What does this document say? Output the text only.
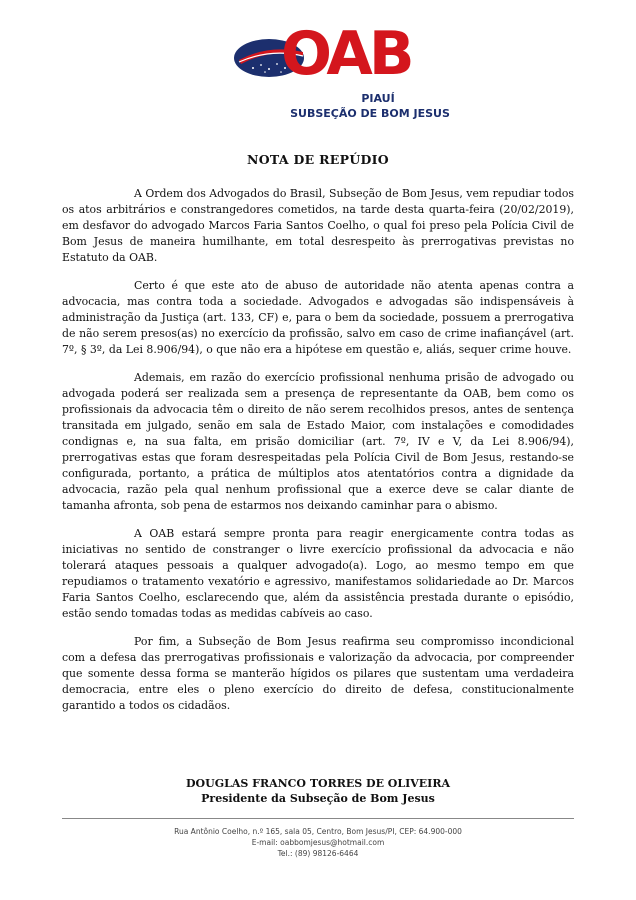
OAB
PIAUÍ
SUBSEÇÃO DE BOM JESUS
NOTA DE REPÚDIO

A Ordem dos Advogados do Brasil, Subseção de Bom Jesus, vem repudiar todos os atos arbitrários e constrangedores cometidos, na tarde desta quarta-feira (20/02/2019), em desfavor do advogado Marcos Faria Santos Coelho, o qual foi preso pela Polícia Civil de Bom Jesus de maneira humilhante, em total desrespeito às prerrogativas previstas no Estatuto da OAB.

Certo é que este ato de abuso de autoridade não atenta apenas contra a advocacia, mas contra toda a sociedade. Advogados e advogadas são indispensáveis à administração da Justiça (art. 133, CF) e, para o bem da sociedade, possuem a prerrogativa de não serem presos(as) no exercício da profissão, salvo em caso de crime inafiançável (art. 7º, § 3º, da Lei 8.906/94), o que não era a hipótese em questão e, aliás, sequer crime houve.

Ademais, em razão do exercício profissional nenhuma prisão de advogado ou advogada poderá ser realizada sem a presença de representante da OAB, bem como os profissionais da advocacia têm o direito de não serem recolhidos presos, antes de sentença transitada em julgado, senão em sala de Estado Maior, com instalações e comodidades condignas e, na sua falta, em prisão domiciliar (art. 7º, IV e V, da Lei 8.906/94), prerrogativas estas que foram desrespeitadas pela Polícia Civil de Bom Jesus, restando-se configurada, portanto, a prática de múltiplos atos atentatórios contra a dignidade da advocacia, razão pela qual nenhum profissional que a exerce deve se calar diante de tamanha afronta, sob pena de estarmos nos deixando caminhar para o abismo.

A OAB estará sempre pronta para reagir energicamente contra todas as iniciativas no sentido de constranger o livre exercício profissional da advocacia e não tolerará ataques pessoais a qualquer advogado(a). Logo, ao mesmo tempo em que repudiamos o tratamento vexatório e agressivo, manifestamos solidariedade ao Dr. Marcos Faria Santos Coelho, esclarecendo que, além da assistência prestada durante o episódio, estão sendo tomadas todas as medidas cabíveis ao caso.

Por fim, a Subseção de Bom Jesus reafirma seu compromisso incondicional com a defesa das prerrogativas profissionais e valorização da advocacia, por compreender que somente dessa forma se manterão hígidos os pilares que sustentam uma verdadeira democracia, entre eles o pleno exercício do direito de defesa, constitucionalmente garantido a todos os cidadãos.

DOUGLAS FRANCO TORRES DE OLIVEIRA
Presidente da Subseção de Bom Jesus
Rua Antônio Coelho, n.º 165, sala 05, Centro, Bom Jesus/PI, CEP: 64.900-000
E-mail: oabbomjesus@hotmail.com
Tel.: (89) 98126-6464
